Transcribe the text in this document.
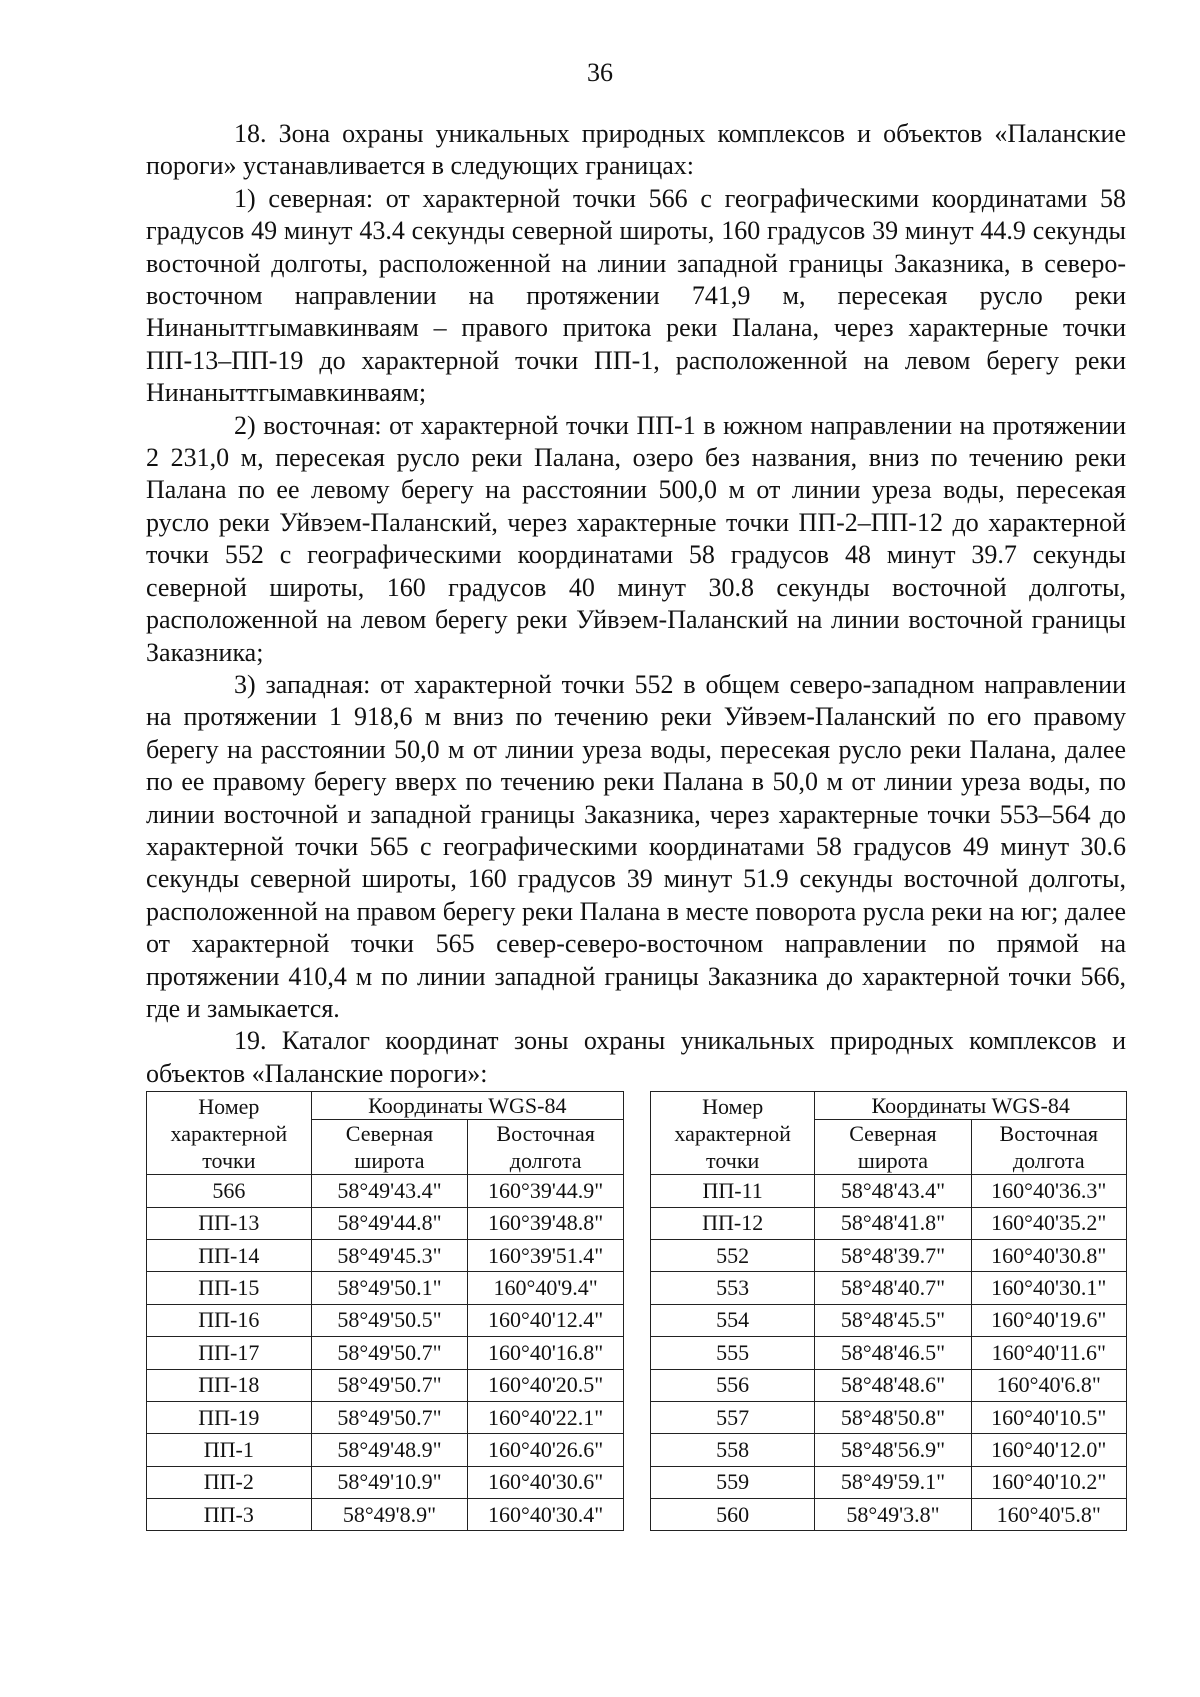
36

18. Зона охраны уникальных природных комплексов и объектов «Паланские пороги» устанавливается в следующих границах:

1) северная: от характерной точки 566 с географическими координатами 58 градусов 49 минут 43.4 секунды северной широты, 160 градусов 39 минут 44.9 секунды восточной долготы, расположенной на линии западной границы Заказника, в северо-восточном направлении на протяжении 741,9 м, пересекая русло реки Нинаныттгымавкинваям – правого притока реки Палана, через характерные точки ПП-13–ПП-19 до характерной точки ПП-1, расположенной на левом берегу реки Нинаныттгымавкинваям;

2) восточная: от характерной точки ПП-1 в южном направлении на протяжении 2 231,0 м, пересекая русло реки Палана, озеро без названия, вниз по течению реки Палана по ее левому берегу на расстоянии 500,0 м от линии уреза воды, пересекая русло реки Уйвэем-Паланский, через характерные точки ПП-2–ПП-12 до характерной точки 552 с географическими координатами 58 градусов 48 минут 39.7 секунды северной широты, 160 градусов 40 минут 30.8 секунды восточной долготы, расположенной на левом берегу реки Уйвэем-Паланский на линии восточной границы Заказника;

3) западная: от характерной точки 552 в общем северо-западном направлении на протяжении 1 918,6 м вниз по течению реки Уйвэем-Паланский по его правому берегу на расстоянии 50,0 м от линии уреза воды, пересекая русло реки Палана, далее по ее правому берегу вверх по течению реки Палана в 50,0 м от линии уреза воды, по линии восточной и западной границы Заказника, через характерные точки 553–564 до характерной точки 565 с географическими координатами 58 градусов 49 минут 30.6 секунды северной широты, 160 градусов 39 минут 51.9 секунды восточной долготы, расположенной на правом берегу реки Палана в месте поворота русла реки на юг; далее от характерной точки 565 север-северо-восточном направлении по прямой на протяжении 410,4 м по линии западной границы Заказника до характерной точки 566, где и замыкается.

19. Каталог координат зоны охраны уникальных природных комплексов и объектов «Паланские пороги»:

Номер характерной точки	Координаты WGS-84	
	Северная широта	Восточная долгота
566	58°49'43.4"	160°39'44.9"
ПП-13	58°49'44.8"	160°39'48.8"
ПП-14	58°49'45.3"	160°39'51.4"
ПП-15	58°49'50.1"	160°40'9.4"
ПП-16	58°49'50.5"	160°40'12.4"
ПП-17	58°49'50.7"	160°40'16.8"
ПП-18	58°49'50.7"	160°40'20.5"
ПП-19	58°49'50.7"	160°40'22.1"
ПП-1	58°49'48.9"	160°40'26.6"
ПП-2	58°49'10.9"	160°40'30.6"
ПП-3	58°49'8.9"	160°40'30.4"
Номер характерной точки	Координаты WGS-84	
	Северная широта	Восточная долгота
ПП-11	58°48'43.4"	160°40'36.3"
ПП-12	58°48'41.8"	160°40'35.2"
552	58°48'39.7"	160°40'30.8"
553	58°48'40.7"	160°40'30.1"
554	58°48'45.5"	160°40'19.6"
555	58°48'46.5"	160°40'11.6"
556	58°48'48.6"	160°40'6.8"
557	58°48'50.8"	160°40'10.5"
558	58°48'56.9"	160°40'12.0"
559	58°49'59.1"	160°40'10.2"
560	58°49'3.8"	160°40'5.8"
